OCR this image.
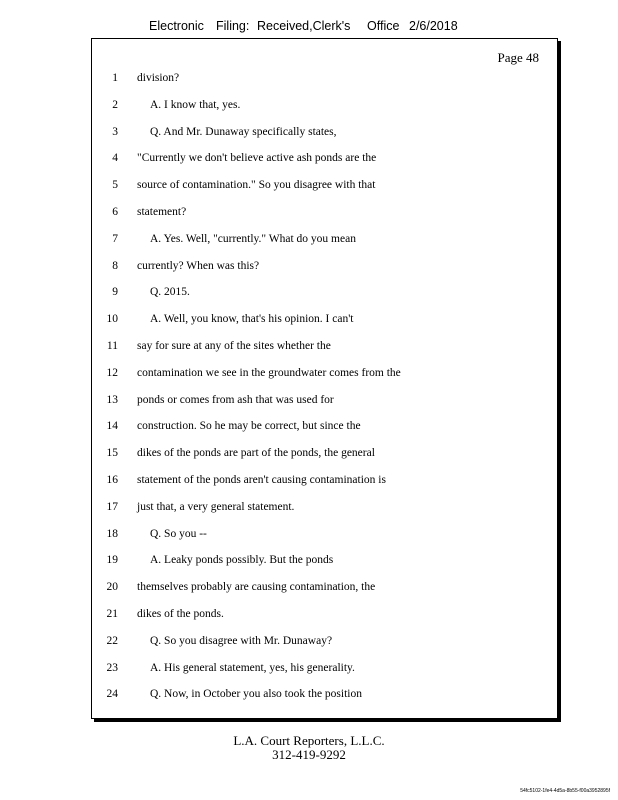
Electronic Filing: Received,Clerk's Office 2/6/2018
Page 48
1 division?
2	A. I know that, yes.
3	Q. And Mr. Dunaway specifically states,
4 "Currently we don't believe active ash ponds are the
5 source of contamination." So you disagree with that
6 statement?
7	A. Yes. Well, "currently." What do you mean
8 currently? When was this?
9	Q. 2015.
10	A. Well, you know, that's his opinion. I can't
11 say for sure at any of the sites whether the
12 contamination we see in the groundwater comes from the
13 ponds or comes from ash that was used for
14 construction. So he may be correct, but since the
15 dikes of the ponds are part of the ponds, the general
16 statement of the ponds aren't causing contamination is
17 just that, a very general statement.
18	Q. So you --
19	A. Leaky ponds possibly. But the ponds
20 themselves probably are causing contamination, the
21 dikes of the ponds.
22	Q. So you disagree with Mr. Dunaway?
23	A. His general statement, yes, his generality.
24	Q. Now, in October you also took the position
L.A. Court Reporters, L.L.C.
312-419-9292
54fc5102-1fe4-4d5a-8b55-f00a3952895f
